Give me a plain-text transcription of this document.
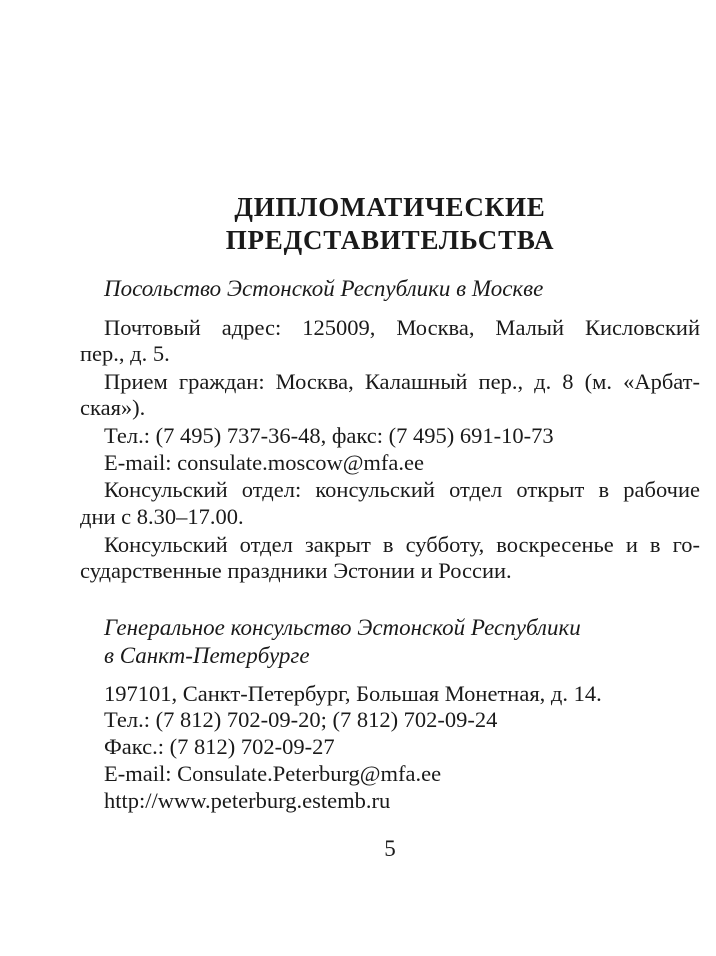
ДИПЛОМАТИЧЕСКИЕ
ПРЕДСТАВИТЕЛЬСТВА

Посольство Эстонской Республики в Москве

Почтовый адрес: 125009, Москва, Малый Кисловский

пер., д. 5.

Прием граждан: Москва, Калашный пер., д. 8 (м. «Арбат-

ская»).

Тел.: (7 495) 737-36-48, факс: (7 495) 691-10-73

E-mail: consulate.moscow@mfa.ee

Консульский отдел: консульский отдел открыт в рабочие

дни с 8.30–17.00.

Консульский отдел закрыт в субботу, воскресенье и в го-

сударственные праздники Эстонии и России.

Генеральное консульство Эстонской Республики

в Санкт-Петербурге

197101, Санкт-Петербург, Большая Монетная, д. 14.

Тел.: (7 812) 702-09-20; (7 812) 702-09-24

Факс.: (7 812) 702-09-27

E-mail: Consulate.Peterburg@mfa.ee

http://www.peterburg.estemb.ru

5
